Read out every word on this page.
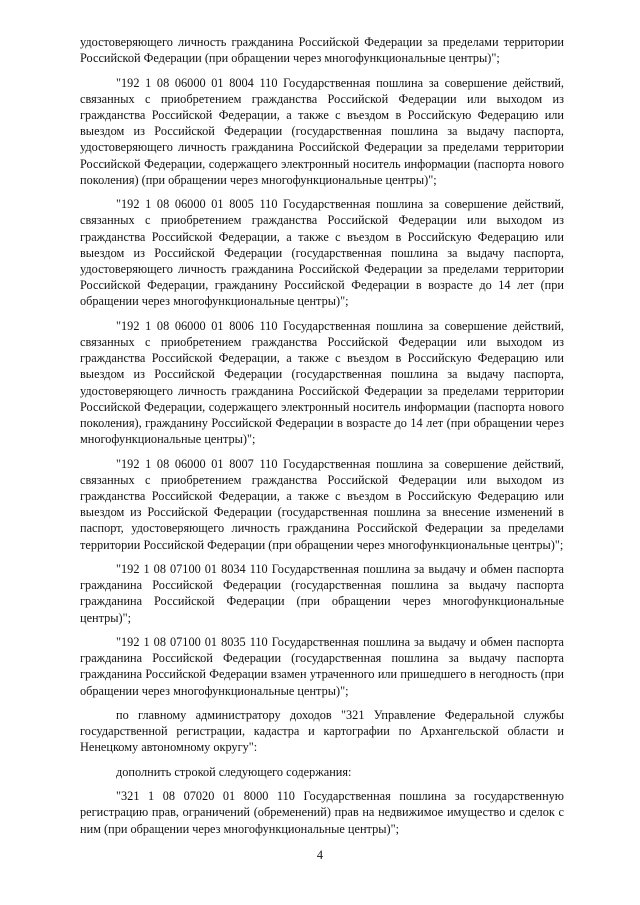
удостоверяющего личность гражданина Российской Федерации за пределами территории Российской Федерации (при обращении через многофункциональные центры)";

"192 1 08 06000 01 8004 110 Государственная пошлина за совершение действий, связанных с приобретением гражданства Российской Федерации или выходом из гражданства Российской Федерации, а также с въездом в Российскую Федерацию или выездом из Российской Федерации (государственная пошлина за выдачу паспорта, удостоверяющего личность гражданина Российской Федерации за пределами территории Российской Федерации, содержащего электронный носитель информации (паспорта нового поколения) (при обращении через многофункциональные центры)";

"192 1 08 06000 01 8005 110 Государственная пошлина за совершение действий, связанных с приобретением гражданства Российской Федерации или выходом из гражданства Российской Федерации, а также с въездом в Российскую Федерацию или выездом из Российской Федерации (государственная пошлина за выдачу паспорта, удостоверяющего личность гражданина Российской Федерации за пределами территории Российской Федерации, гражданину Российской Федерации в возрасте до 14 лет (при обращении через многофункциональные центры)";

"192 1 08 06000 01 8006 110 Государственная пошлина за совершение действий, связанных с приобретением гражданства Российской Федерации или выходом из гражданства Российской Федерации, а также с въездом в Российскую Федерацию или выездом из Российской Федерации (государственная пошлина за выдачу паспорта, удостоверяющего личность гражданина Российской Федерации за пределами территории Российской Федерации, содержащего электронный носитель информации (паспорта нового поколения), гражданину Российской Федерации в возрасте до 14 лет (при обращении через многофункциональные центры)";

"192 1 08 06000 01 8007 110 Государственная пошлина за совершение действий, связанных с приобретением гражданства Российской Федерации или выходом из гражданства Российской Федерации, а также с въездом в Российскую Федерацию или выездом из Российской Федерации (государственная пошлина за внесение изменений в паспорт, удостоверяющего личность гражданина Российской Федерации за пределами территории Российской Федерации (при обращении через многофункциональные центры)";

"192 1 08 07100 01 8034 110 Государственная пошлина за выдачу и обмен паспорта гражданина Российской Федерации (государственная пошлина за выдачу паспорта гражданина Российской Федерации (при обращении через многофункциональные центры)";

"192 1 08 07100 01 8035 110 Государственная пошлина за выдачу и обмен паспорта гражданина Российской Федерации (государственная пошлина за выдачу паспорта гражданина Российской Федерации взамен утраченного или пришедшего в негодность (при обращении через многофункциональные центры)";

по главному администратору доходов "321 Управление Федеральной службы государственной регистрации, кадастра и картографии по Архангельской области и Ненецкому автономному округу":

дополнить строкой следующего содержания:

"321 1 08 07020 01 8000 110 Государственная пошлина за государственную регистрацию прав, ограничений (обременений) прав на недвижимое имущество и сделок с ним (при обращении через многофункциональные центры)";

4
